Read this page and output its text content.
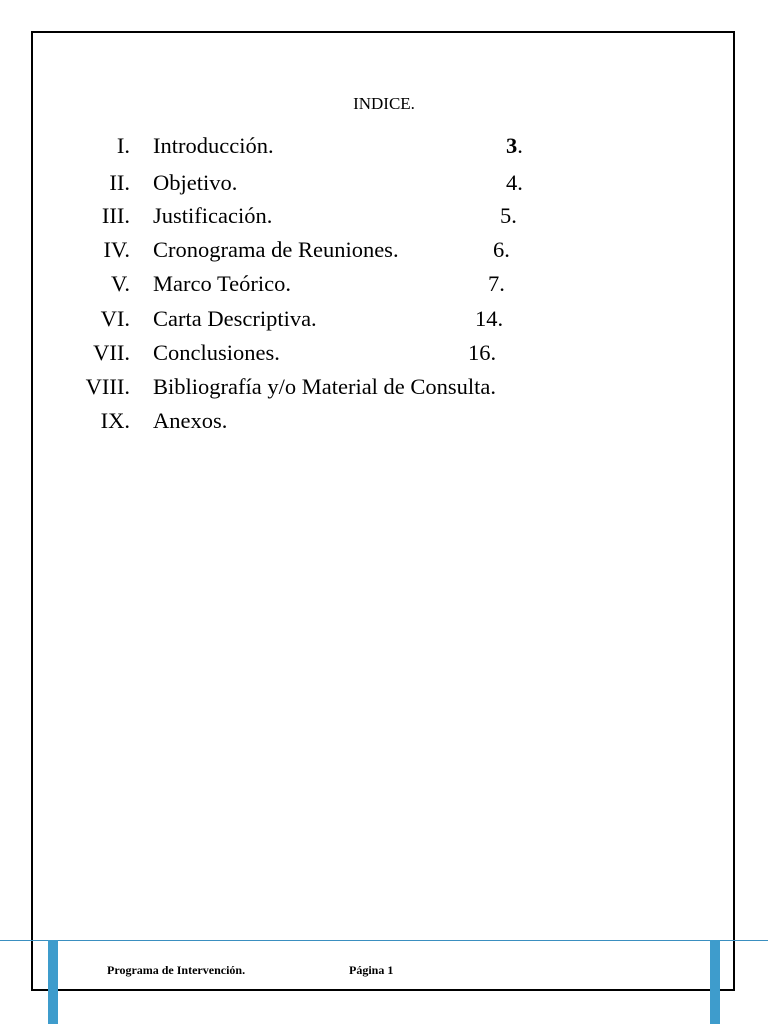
INDICE.
I. Introducción.	3.
II. Objetivo.	4.
III. Justificación.	5.
IV. Cronograma de Reuniones.	6.
V. Marco Teórico.	7.
VI. Carta Descriptiva.	14.
VII. Conclusiones.	16.
VIII. Bibliografía y/o Material de Consulta.
IX. Anexos.
Programa de Intervención.	Página 1
